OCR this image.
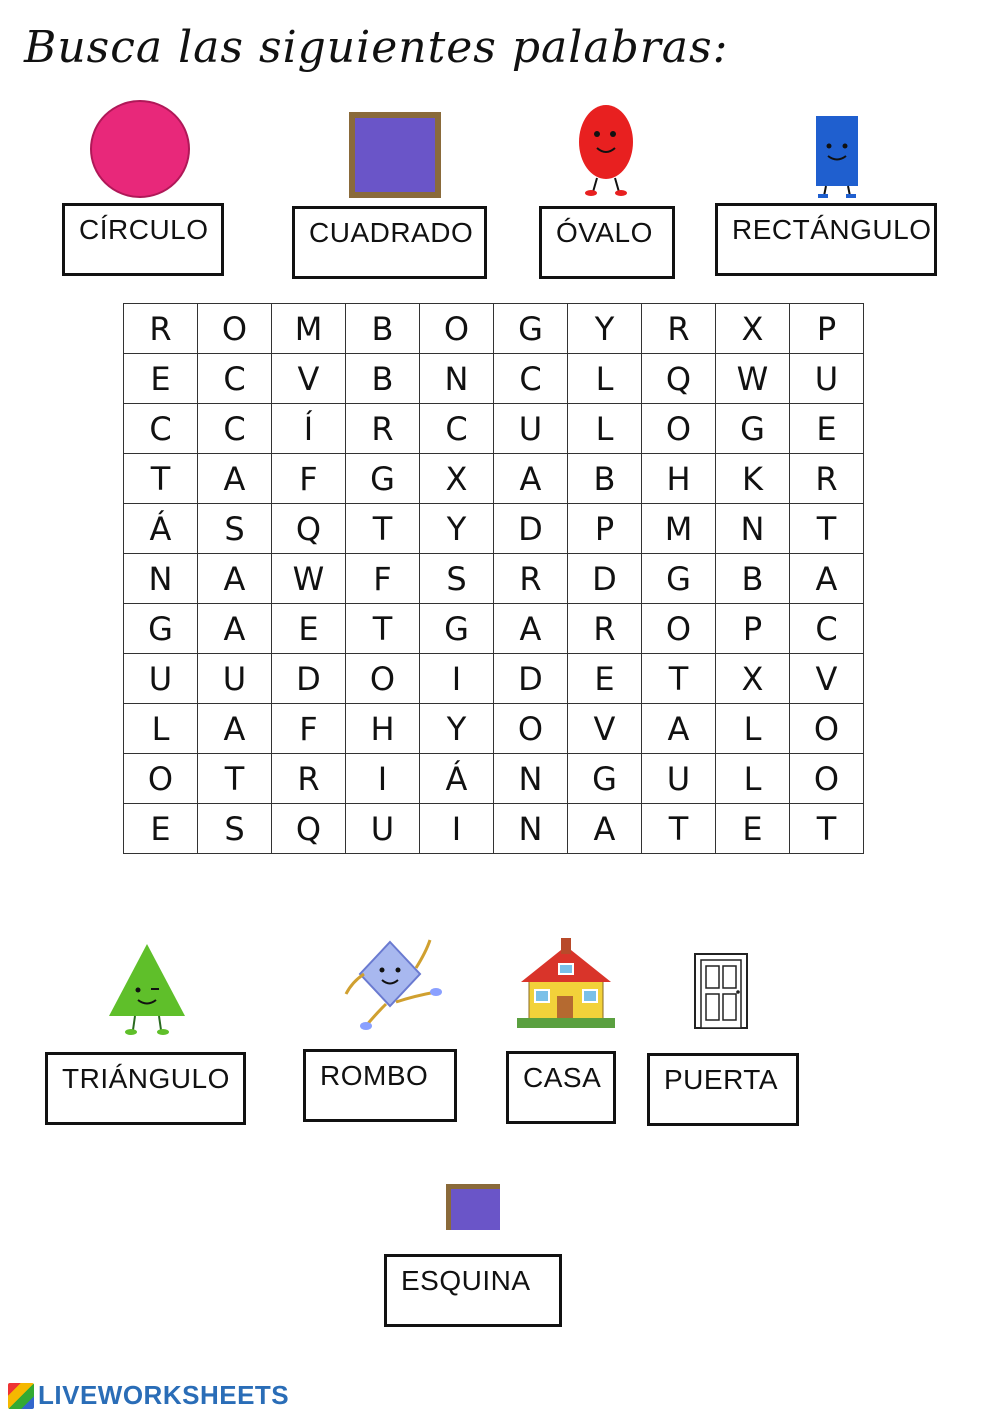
Busca las siguientes palabras:
CÍRCULO	CUADRADO	ÓVALO	RECTÁNGULO
R	O	M	B	O	G	Y	R	X	P
E	C	V	B	N	C	L	Q	W	U
C	C	Í	R	C	U	L	O	G	E
T	A	F	G	X	A	B	H	K	R
Á	S	Q	T	Y	D	P	M	N	T
N	A	W	F	S	R	D	G	B	A
G	A	E	T	G	A	R	O	P	C
U	U	D	O	I	D	E	T	X	V
L	A	F	H	Y	O	V	A	L	O
O	T	R	I	Á	N	G	U	L	O
E	S	Q	U	I	N	A	T	E	T
TRIÁNGULO	ROMBO	CASA	PUERTA
ESQUINA
LIVEWORKSHEETS
